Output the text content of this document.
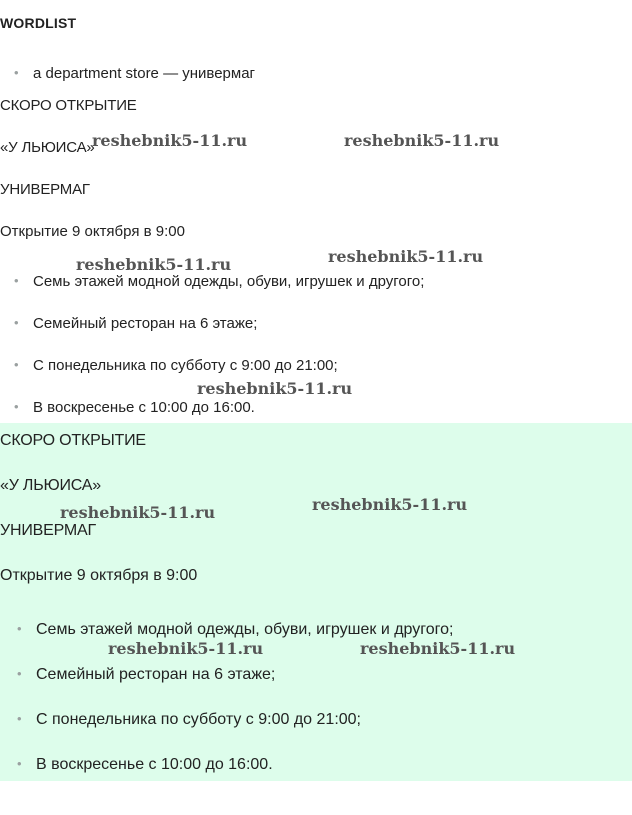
WORDLIST
• a department store — универмаг
СКОРО ОТКРЫТИЕ
«У ЛЬЮИСА»
УНИВЕРМАГ
Открытие 9 октября в 9:00
• Семь этажей модной одежды, обуви, игрушек и другого;
• Семейный ресторан на 6 этаже;
• С понедельника по субботу с 9:00 до 21:00;
• В воскресенье с 10:00 до 16:00.
СКОРО ОТКРЫТИЕ
«У ЛЬЮИСА»
УНИВЕРМАГ
Открытие 9 октября в 9:00
• Семь этажей модной одежды, обуви, игрушек и другого;
• Семейный ресторан на 6 этаже;
• С понедельника по субботу с 9:00 до 21:00;
• В воскресенье с 10:00 до 16:00.
reshebnik5-11.ru	reshebnik5-11.ru
reshebnik5-11.ru
reshebnik5-11.ru
reshebnik5-11.ru
reshebnik5-11.ru
reshebnik5-11.ru
reshebnik5-11.ru	reshebnik5-11.ru
